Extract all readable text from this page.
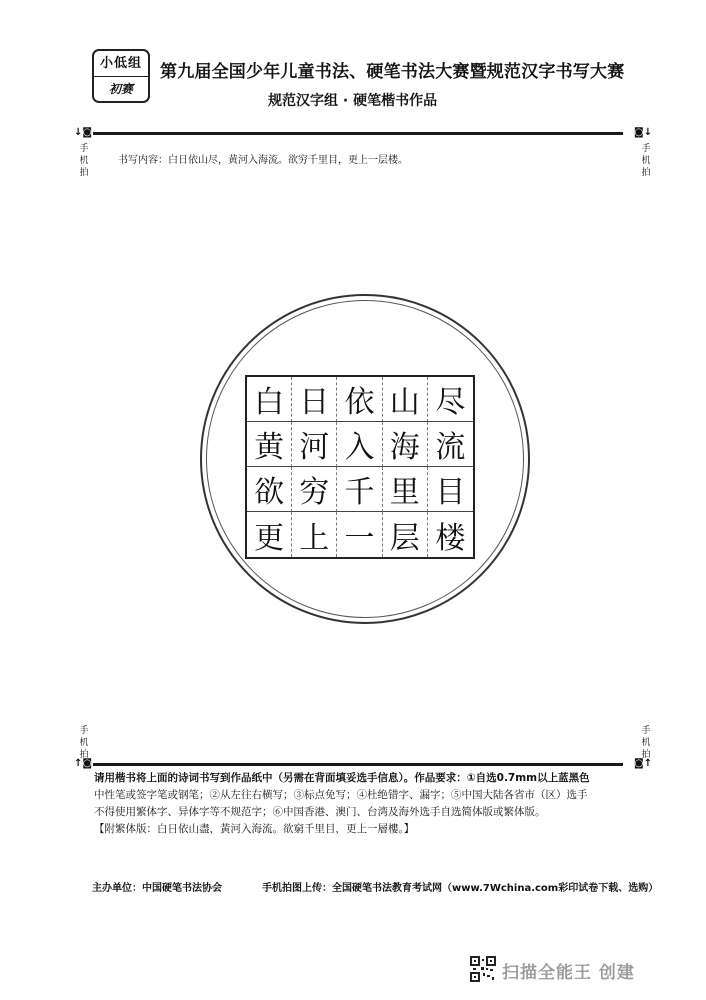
小低组
初赛
第九届全国少年儿童书法、硬笔书法大赛暨规范汉字书写大赛
规范汉字组 · 硬笔楷书作品
↓◙	◙↓
手
机
拍
手
机
拍
书写内容：白日依山尽，黄河入海流。欲穷千里目，更上一层楼。
白 日 依 山 尽
黄 河 入 海 流
欲 穷 千 里 目
更 上 一 层 楼
手
机
拍
手
机
拍
↑◙	◙↑
请用楷书将上面的诗词书写到作品纸中（另需在背面填妥选手信息）。作品要求：①自选0.7mm以上蓝黑色
中性笔或签字笔或钢笔；②从左往右横写；③标点免写；④杜绝错字、漏字；⑤中国大陆各省市（区）选手
不得使用繁体字、异体字等不规范字；⑥中国香港、澳门、台湾及海外选手自选简体版或繁体版。
【附繁体版：白日依山盡，黃河入海流。欲窮千里目，更上一層樓。】
主办单位：中国硬笔书法协会	手机拍图上传：全国硬笔书法教育考试网（www.7Wchina.com彩印试卷下载、选购）
扫描全能王 创建
